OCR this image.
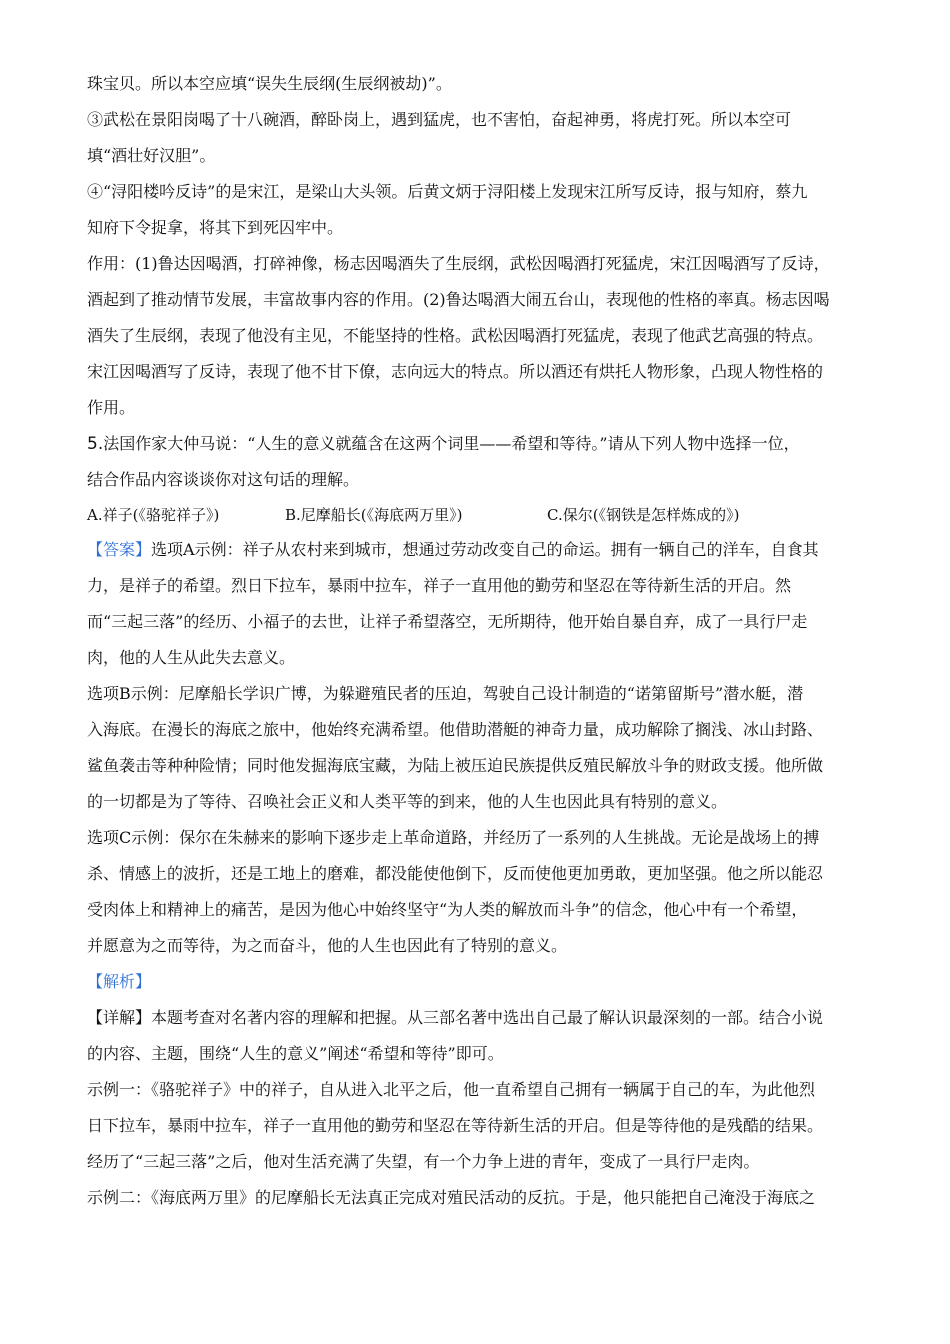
珠宝贝。所以本空应填“误失生辰纲(生辰纲被劫)”。
③武松在景阳岗喝了十八碗酒，醉卧岗上，遇到猛虎，也不害怕，奋起神勇，将虎打死。所以本空可
填“酒壮好汉胆”。
④“浔阳楼吟反诗”的是宋江，是梁山大头领。后黄文炳于浔阳楼上发现宋江所写反诗，报与知府，蔡九
知府下令捉拿，将其下到死囚牢中。
作用：(1)鲁达因喝酒，打碎神像，杨志因喝酒失了生辰纲，武松因喝酒打死猛虎，宋江因喝酒写了反诗，
酒起到了推动情节发展，丰富故事内容的作用。(2)鲁达喝酒大闹五台山，表现他的性格的率真。杨志因喝
酒失了生辰纲，表现了他没有主见，不能坚持的性格。武松因喝酒打死猛虎，表现了他武艺高强的特点。
宋江因喝酒写了反诗，表现了他不甘下僚，志向远大的特点。所以酒还有烘托人物形象，凸现人物性格的
作用。
5.法国作家大仲马说：“人生的意义就蕴含在这两个词里——希望和等待。”请从下列人物中选择一位，
结合作品内容谈谈你对这句话的理解。
A.祥子(《骆驼祥子》)	B.尼摩船长(《海底两万里》)	C.保尔(《钢铁是怎样炼成的》)
【答案】选项A示例：祥子从农村来到城市，想通过劳动改变自己的命运。拥有一辆自己的洋车，自食其
力，是祥子的希望。烈日下拉车，暴雨中拉车，祥子一直用他的勤劳和坚忍在等待新生活的开启。然
而“三起三落”的经历、小福子的去世，让祥子希望落空，无所期待，他开始自暴自弃，成了一具行尸走
肉，他的人生从此失去意义。
选项B示例：尼摩船长学识广博，为躲避殖民者的压迫，驾驶自己设计制造的“诺第留斯号”潜水艇，潜
入海底。在漫长的海底之旅中，他始终充满希望。他借助潜艇的神奇力量，成功解除了搁浅、冰山封路、
鲨鱼袭击等种种险情；同时他发掘海底宝藏，为陆上被压迫民族提供反殖民解放斗争的财政支援。他所做
的一切都是为了等待、召唤社会正义和人类平等的到来，他的人生也因此具有特别的意义。
选项C示例：保尔在朱赫来的影响下逐步走上革命道路，并经历了一系列的人生挑战。无论是战场上的搏
杀、情感上的波折，还是工地上的磨难，都没能使他倒下，反而使他更加勇敢，更加坚强。他之所以能忍
受肉体上和精神上的痛苦，是因为他心中始终坚守“为人类的解放而斗争”的信念，他心中有一个希望，
并愿意为之而等待，为之而奋斗，他的人生也因此有了特别的意义。
【解析】
【详解】本题考查对名著内容的理解和把握。从三部名著中选出自己最了解认识最深刻的一部。结合小说
的内容、主题，围绕“人生的意义”阐述“希望和等待”即可。
示例一：《骆驼祥子》中的祥子，自从进入北平之后，他一直希望自己拥有一辆属于自己的车，为此他烈
日下拉车，暴雨中拉车，祥子一直用他的勤劳和坚忍在等待新生活的开启。但是等待他的是残酷的结果。
经历了“三起三落”之后，他对生活充满了失望，有一个力争上进的青年，变成了一具行尸走肉。
示例二：《海底两万里》的尼摩船长无法真正完成对殖民活动的反抗。于是，他只能把自己淹没于海底之
